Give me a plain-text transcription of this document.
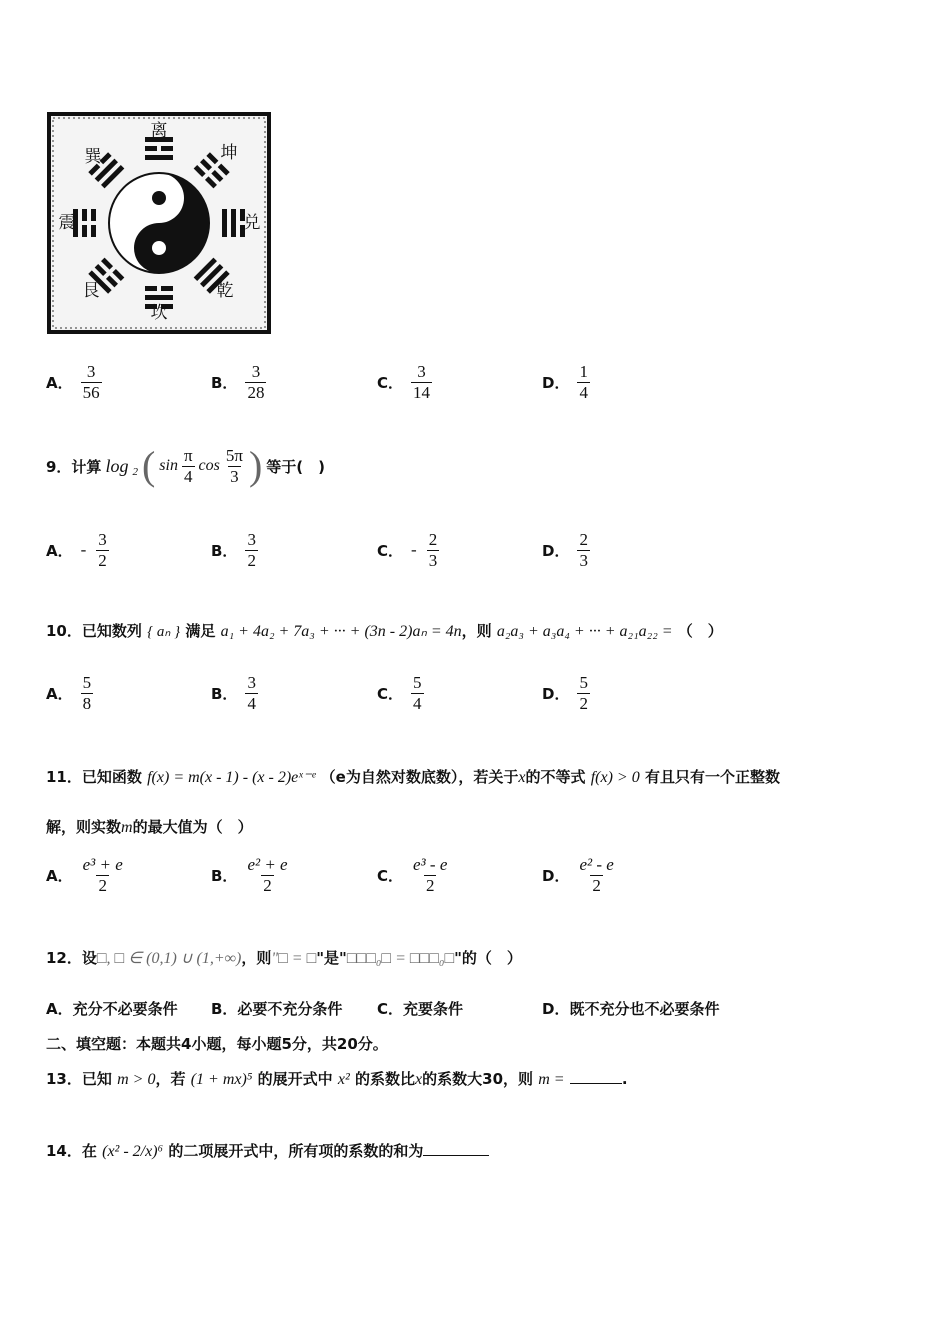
离
坤
兑
乾
坎
艮
震
巽
A． $\frac{3}{56}$	B． $\frac{3}{28}$	C． $\frac{3}{14}$	D． $\frac{1}{4}$
9．计算 log 2 ( $\sin \frac{\pi}{4}$ $\cos \frac{5\pi}{3}$ ) 等于(　)
A． - $\frac{3}{2}$	B． $\frac{3}{2}$	C． - $\frac{2}{3}$	D． $\frac{2}{3}$
10．已知数列 { aₙ } 满足 a₁ + 4a₂ + 7a₃ + ··· + (3n - 2)aₙ = 4n，则 a₂a₃ + a₃a₄ + ··· + a₂₁a₂₂ = （　）
A． $\frac{5}{8}$	B． $\frac{3}{4}$	C． $\frac{5}{4}$	D． $\frac{5}{2}$
11．已知函数 f(x) = m(x - 1) - (x - 2)eˣ⁻ᵉ （e为自然对数底数），若关于x的不等式 f(x) > 0 有且只有一个正整数
解，则实数m的最大值为（　）
A． $\frac{\text{e³ + e}}{2}$	B． $\frac{\text{e² + e}}{2}$	C． $\frac{\text{e³ - e}}{2}$	D． $\frac{\text{e² - e}}{2}$
12．设□, □ ∈ (0,1) ∪ (1,+∞)，则"□ = □"是"□□□₀□ = □□□₀□"的（　）
A．充分不必要条件 B．必要不充分条件 C．充要条件	D．既不充分也不必要条件
二、填空题：本题共4小题，每小题5分，共20分。
13．已知 m > 0，若 (1 + mx)⁵ 的展开式中 x² 的系数比x的系数大30，则 m =	.
14．在 (x² - 2/x)⁶ 的二项展开式中，所有项的系数的和为
